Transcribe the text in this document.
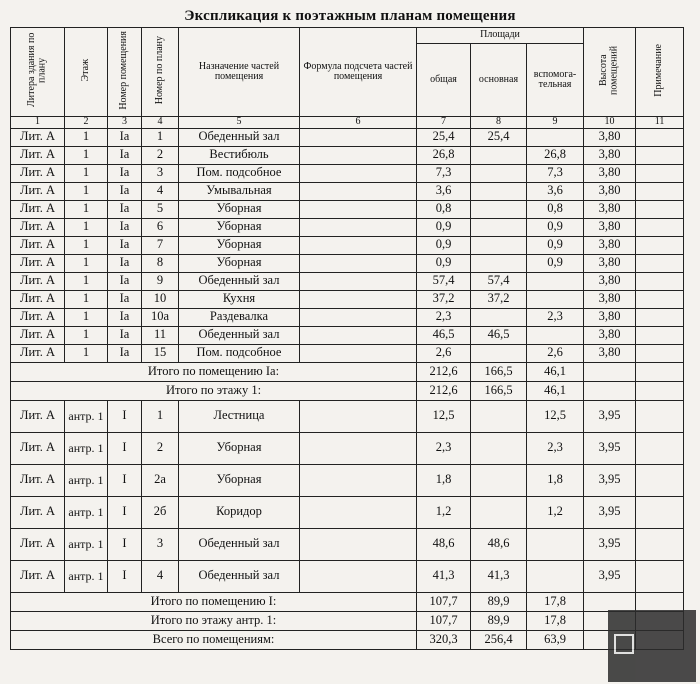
Экспликация к поэтажным планам помещения
Литера здания по плану	Этаж	Номер помещения	Номер по плану	Назначение частей помещения	Формула подсчета частей помещения	Площади			Высота помещений	Примечание
						общая	основная	вспомога-тельная		
1	2	3	4	5	6	7	8	9	10	11
Лит. А	1	Iа	1	Обеденный зал		25,4	25,4		3,80	
Лит. А	1	Iа	2	Вестибюль		26,8		26,8	3,80	
Лит. А	1	Iа	3	Пом. подсобное		7,3		7,3	3,80	
Лит. А	1	Iа	4	Умывальная		3,6		3,6	3,80	
Лит. А	1	Iа	5	Уборная		0,8		0,8	3,80	
Лит. А	1	Iа	6	Уборная		0,9		0,9	3,80	
Лит. А	1	Iа	7	Уборная		0,9		0,9	3,80	
Лит. А	1	Iа	8	Уборная		0,9		0,9	3,80	
Лит. А	1	Iа	9	Обеденный зал		57,4	57,4		3,80	
Лит. А	1	Iа	10	Кухня		37,2	37,2		3,80	
Лит. А	1	Iа	10а	Раздевалка		2,3		2,3	3,80	
Лит. А	1	Iа	11	Обеденный зал		46,5	46,5		3,80	
Лит. А	1	Iа	15	Пом. подсобное		2,6		2,6	3,80	
Итого по помещению Iа:						212,6	166,5	46,1		
Итого по этажу 1:						212,6	166,5	46,1		
Лит. А	антр. 1	I	1	Лестница		12,5		12,5	3,95	
Лит. А	антр. 1	I	2	Уборная		2,3		2,3	3,95	
Лит. А	антр. 1	I	2а	Уборная		1,8		1,8	3,95	
Лит. А	антр. 1	I	2б	Коридор		1,2		1,2	3,95	
Лит. А	антр. 1	I	3	Обеденный зал		48,6	48,6		3,95	
Лит. А	антр. 1	I	4	Обеденный зал		41,3	41,3		3,95	
Итого по помещению I:						107,7	89,9	17,8		
Итого по этажу антр. 1:						107,7	89,9	17,8		
Всего по помещениям:						320,3	256,4	63,9		
